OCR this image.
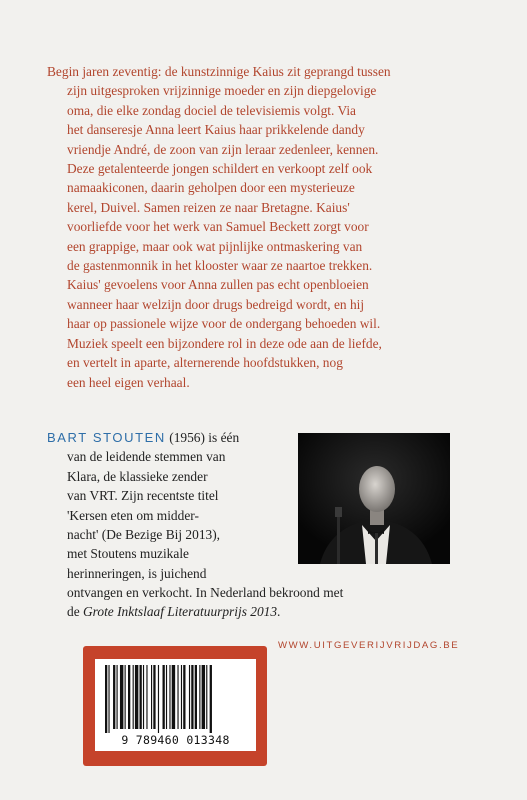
Begin jaren zeventig: de kunstzinnige Kaius zit geprangd tussen
zijn uitgesproken vrijzinnige moeder en zijn diepgelovige
oma, die elke zondag dociel de televisiemis volgt. Via
het danseresje Anna leert Kaius haar prikkelende dandy
vriendje André, de zoon van zijn leraar zedenleer, kennen.
Deze getalenteerde jongen schildert en verkoopt zelf ook
namaakiconen, daarin geholpen door een mysterieuze
kerel, Duivel. Samen reizen ze naar Bretagne. Kaius'
voorliefde voor het werk van Samuel Beckett zorgt voor
een grappige, maar ook wat pijnlijke ontmaskering van
de gastenmonnik in het klooster waar ze naartoe trekken.
Kaius' gevoelens voor Anna zullen pas echt openbloeien
wanneer haar welzijn door drugs bedreigd wordt, en hij
haar op passionele wijze voor de ondergang behoeden wil.
Muziek speelt een bijzondere rol in deze ode aan de liefde,
en vertelt in aparte, alternerende hoofdstukken, nog
een heel eigen verhaal.
BART STOUTEN (1956) is één
van de leidende stemmen van
Klara, de klassieke zender
van VRT. Zijn recentste titel
'Kersen eten om midder-
nacht' (De Bezige Bij 2013),
met Stoutens muzikale
herinneringen, is juichend
ontvangen en verkocht. In Nederland bekroond met
de Grote Inktslaaf Literatuurprijs 2013.
WWW.UITGEVERIJVRIJDAG.BE
9 789460 013348
